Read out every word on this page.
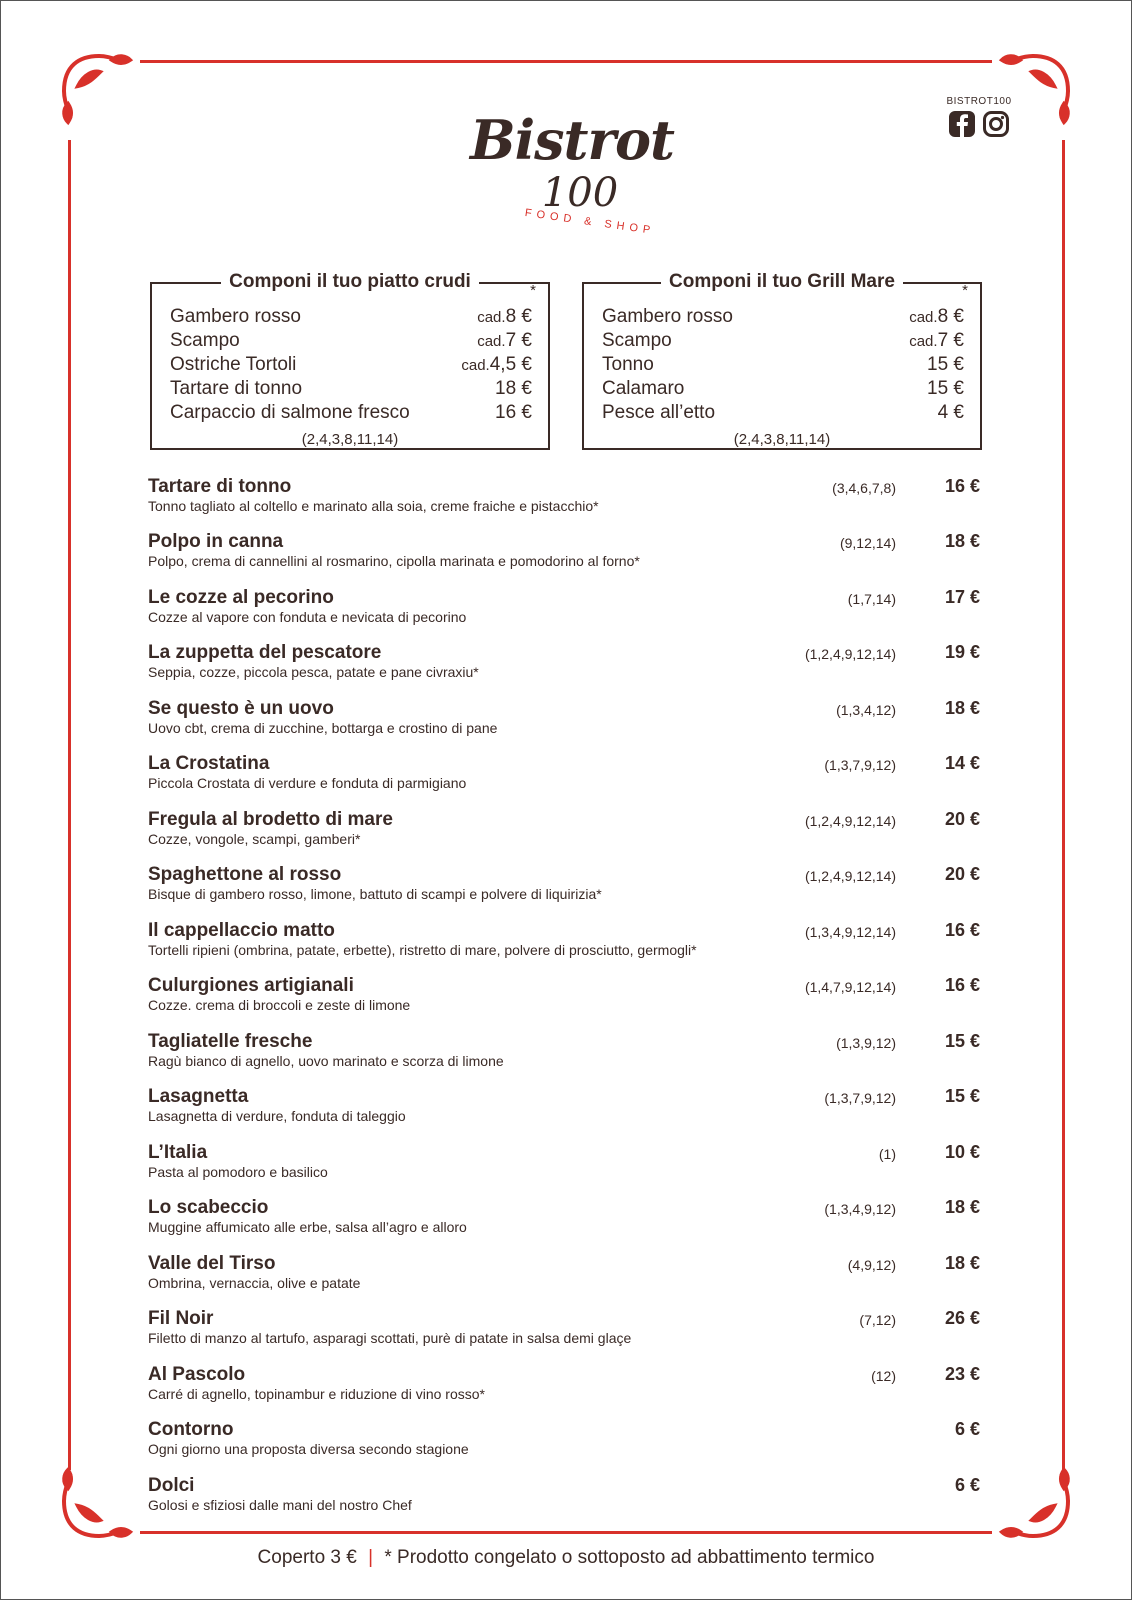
Bistrot
100
FOOD & SHOP
BISTROT100
Componi il tuo piatto crudi	*
Gambero rosso	cad.8 €
Scampo	cad.7 €
Ostriche Tortoli	cad.4,5 €
Tartare di tonno	18 €
Carpaccio di salmone fresco	16 €
(2,4,3,8,11,14)
Componi il tuo Grill Mare	*
Gambero rosso	cad.8 €
Scampo	cad.7 €
Tonno	15 €
Calamaro	15 €
Pesce all’etto	4 €
(2,4,3,8,11,14)
Tartare di tonno
Tonno tagliato al coltello e marinato alla soia, creme fraiche e pistacchio*
(3,4,6,7,8)	16 €
Polpo in canna
Polpo, crema di cannellini al rosmarino, cipolla marinata e pomodorino al forno*
(9,12,14)	18 €
Le cozze al pecorino
Cozze al vapore con fonduta e nevicata di pecorino
(1,7,14)	17 €
La zuppetta del pescatore
Seppia, cozze, piccola pesca, patate e pane civraxiu*
(1,2,4,9,12,14)	19 €
Se questo è un uovo
Uovo cbt, crema di zucchine, bottarga e crostino di pane
(1,3,4,12)	18 €
La Crostatina
Piccola Crostata di verdure e fonduta di parmigiano
(1,3,7,9,12)	14 €
Fregula al brodetto di mare
Cozze, vongole, scampi, gamberi*
(1,2,4,9,12,14)	20 €
Spaghettone al rosso
Bisque di gambero rosso, limone, battuto di scampi e polvere di liquirizia*
(1,2,4,9,12,14)	20 €
Il cappellaccio matto
Tortelli ripieni (ombrina, patate, erbette), ristretto di mare, polvere di prosciutto, germogli*
(1,3,4,9,12,14)	16 €
Culurgiones artigianali
Cozze. crema di broccoli e zeste di limone
(1,4,7,9,12,14)	16 €
Tagliatelle fresche
Ragù bianco di agnello, uovo marinato e scorza di limone
(1,3,9,12)	15 €
Lasagnetta
Lasagnetta di verdure, fonduta di taleggio
(1,3,7,9,12)	15 €
L’Italia
Pasta al pomodoro e basilico
(1)	10 €
Lo scabeccio
Muggine affumicato alle erbe, salsa all’agro e alloro
(1,3,4,9,12)	18 €
Valle del Tirso
Ombrina, vernaccia, olive e patate
(4,9,12)	18 €
Fil Noir
Filetto di manzo al tartufo, asparagi scottati, purè di patate in salsa demi glaçe
(7,12)	26 €
Al Pascolo
Carré di agnello, topinambur e riduzione di vino rosso*
(12)	23 €
Contorno
Ogni giorno una proposta diversa secondo stagione
6 €
Dolci
Golosi e sfiziosi dalle mani del nostro Chef
6 €
Coperto 3 € | * Prodotto congelato o sottoposto ad abbattimento termico
